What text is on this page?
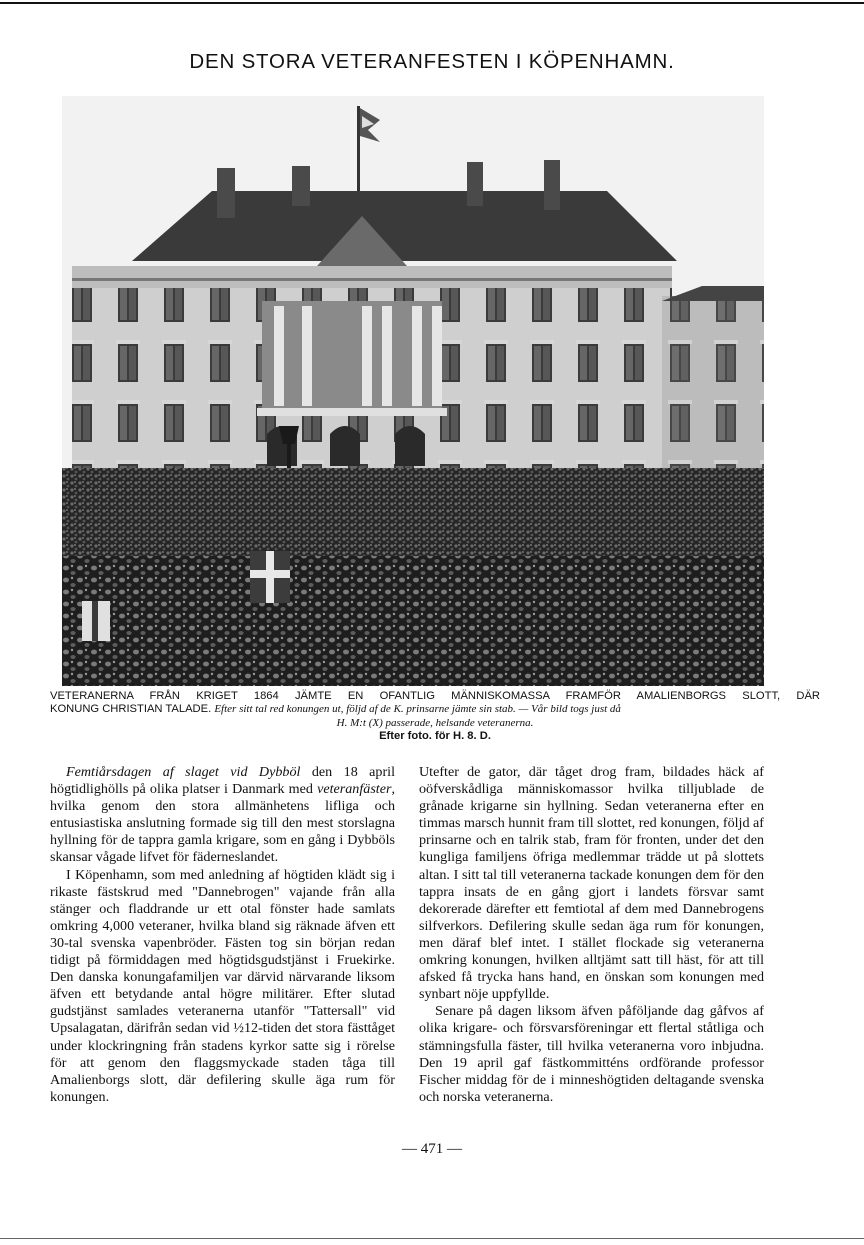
DEN STORA VETERANFESTEN I KÖPENHAMN.
VETERANERNA FRÅN KRIGET 1864 JÄMTE EN OFANTLIG MÄNNISKOMASSA FRAMFÖR AMALIENBORGS SLOTT, DÄR
KONUNG CHRISTIAN TALADE. Efter sitt tal red konungen ut, följd af de K. prinsarne jämte sin stab. — Vår bild togs just då
H. M:t (X) passerade, helsande veteranerna.
Efter foto. för H. 8. D.

Femtiårsdagen af slaget vid Dybböl den 18 april högtidlighölls på olika platser i Danmark med veteranfäster, hvilka genom den stora allmänhetens lifliga och entusiastiska anslutning formade sig till den mest storslagna hyllning för de tappra gamla krigare, som en gång i Dybböls skansar vågade lifvet för fäderneslandet.

I Köpenhamn, som med anledning af högtiden klädt sig i rikaste fästskrud med "Dannebrogen" vajande från alla stänger och fladdrande ur ett otal fönster hade samlats omkring 4,000 veteraner, hvilka bland sig räknade äfven ett 30-tal svenska vapenbröder. Fästen tog sin början redan tidigt på förmiddagen med högtidsgudstjänst i Fruekirke. Den danska konungafamiljen var därvid närvarande liksom äfven ett betydande antal högre militärer. Efter slutad gudstjänst samlades veteranerna utanför "Tattersall" vid Upsalagatan, därifrån sedan vid ½12-tiden det stora fästtåget under klockringning från stadens kyrkor satte sig i rörelse för att genom den flaggsmyckade staden tåga till Amalienborgs slott, där defilering skulle äga rum för konungen.

Utefter de gator, där tåget drog fram, bildades häck af oöfverskådliga människomassor hvilka tilljublade de grånade krigarne sin hyllning. Sedan veteranerna efter en timmas marsch hunnit fram till slottet, red konungen, följd af prinsarne och en talrik stab, fram för fronten, under det den kungliga familjens öfriga medlemmar trädde ut på slottets altan. I sitt tal till veteranerna tackade konungen dem för den tappra insats de en gång gjort i landets försvar samt dekorerade därefter ett femtiotal af dem med Dannebrogens silfverkors. Defilering skulle sedan äga rum för konungen, men däraf blef intet. I stället flockade sig veteranerna omkring konungen, hvilken alltjämt satt till häst, för att till afsked få trycka hans hand, en önskan som konungen med synbart nöje uppfyllde.

Senare på dagen liksom äfven påföljande dag gåfvos af olika krigare- och försvarsföreningar ett flertal ståtliga och stämningsfulla fäster, till hvilka veteranerna voro inbjudna. Den 19 april gaf fästkommitténs ordförande professor Fischer middag för de i minneshögtiden deltagande svenska och norska veteranerna.

— 471 —
